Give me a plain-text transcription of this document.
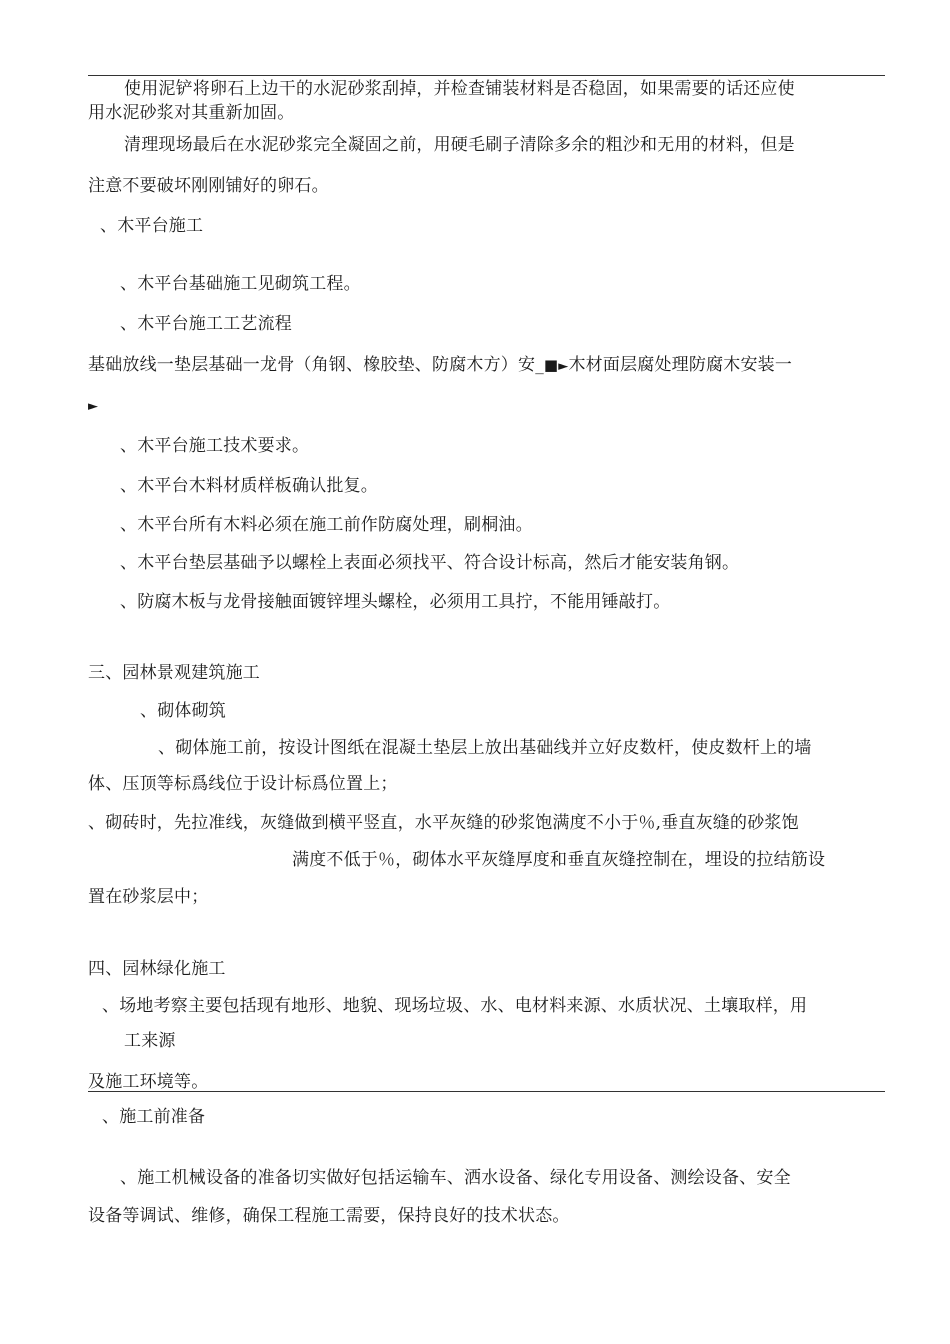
使用泥铲将卵石上边干的水泥砂浆刮掉，并检查铺装材料是否稳固，如果需要的话还应使
用水泥砂浆对其重新加固。
清理现场最后在水泥砂浆完全凝固之前，用硬毛刷子清除多余的粗沙和无用的材料，但是
注意不要破坏刚刚铺好的卵石。
、木平台施工
、木平台基础施工见砌筑工程。
、木平台施工工艺流程
基础放线一垫层基础一龙骨（角钢、橡胶垫、防腐木方）安_■►木材面层腐处理防腐木安装一
►
、木平台施工技术要求。
、木平台木料材质样板确认批复。
、木平台所有木料必须在施工前作防腐处理，刷桐油。
、木平台垫层基础予以螺栓上表面必须找平、符合设计标高，然后才能安装角钢。
、防腐木板与龙骨接触面镀锌埋头螺栓，必须用工具拧，不能用锤敲打。
三、园林景观建筑施工
、砌体砌筑
、砌体施工前，按设计图纸在混凝土垫层上放出基础线并立好皮数杆，使皮数杆上的墙
体、压顶等标爲线位于设计标爲位置上；
、砌砖时，先拉准线，灰缝做到横平竖直，水平灰缝的砂浆饱满度不小于％,垂直灰缝的砂浆饱
满度不低于％，砌体水平灰缝厚度和垂直灰缝控制在，埋设的拉结筋设
置在砂浆层中；
四、园林绿化施工
、场地考察主要包括现有地形、地貌、现场垃圾、水、电材料来源、水质状况、土壤取样，用
工来源
及施工环境等。
、施工前准备
、施工机械设备的准备切实做好包括运输车、洒水设备、绿化专用设备、测绘设备、安全
设备等调试、维修，确保工程施工需要，保持良好的技术状态。
